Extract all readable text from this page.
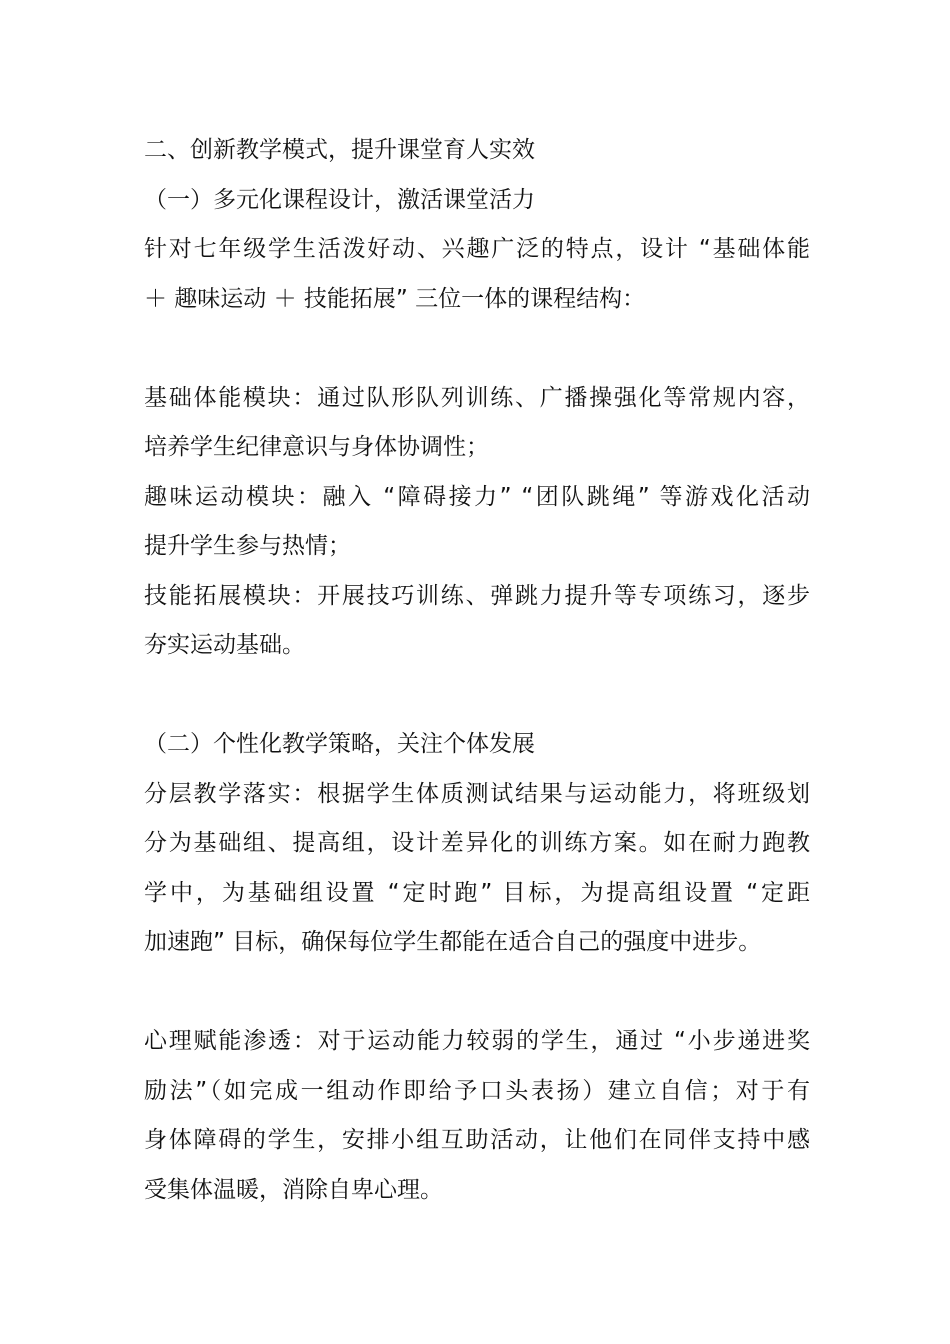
二、创新教学模式，提升课堂育人实效
（一）多元化课程设计，激活课堂活力
针对七年级学生活泼好动、兴趣广泛的特点，设计 “基础体能
＋ 趣味运动 ＋ 技能拓展” 三位一体的课程结构：
基础体能模块：通过队形队列训练、广播操强化等常规内容，
培养学生纪律意识与身体协调性；
趣味运动模块：融入 “障碍接力” “团队跳绳” 等游戏化活动
提升学生参与热情；
技能拓展模块：开展技巧训练、弹跳力提升等专项练习，逐步
夯实运动基础。
（二）个性化教学策略，关注个体发展
分层教学落实：根据学生体质测试结果与运动能力，将班级划
分为基础组、提高组，设计差异化的训练方案。如在耐力跑教
学中，为基础组设置 “定时跑” 目标，为提高组设置 “定距
加速跑” 目标，确保每位学生都能在适合自己的强度中进步。
心理赋能渗透：对于运动能力较弱的学生，通过 “小步递进奖
励法”（如完成一组动作即给予口头表扬）建立自信；对于有
身体障碍的学生，安排小组互助活动，让他们在同伴支持中感
受集体温暖，消除自卑心理。
